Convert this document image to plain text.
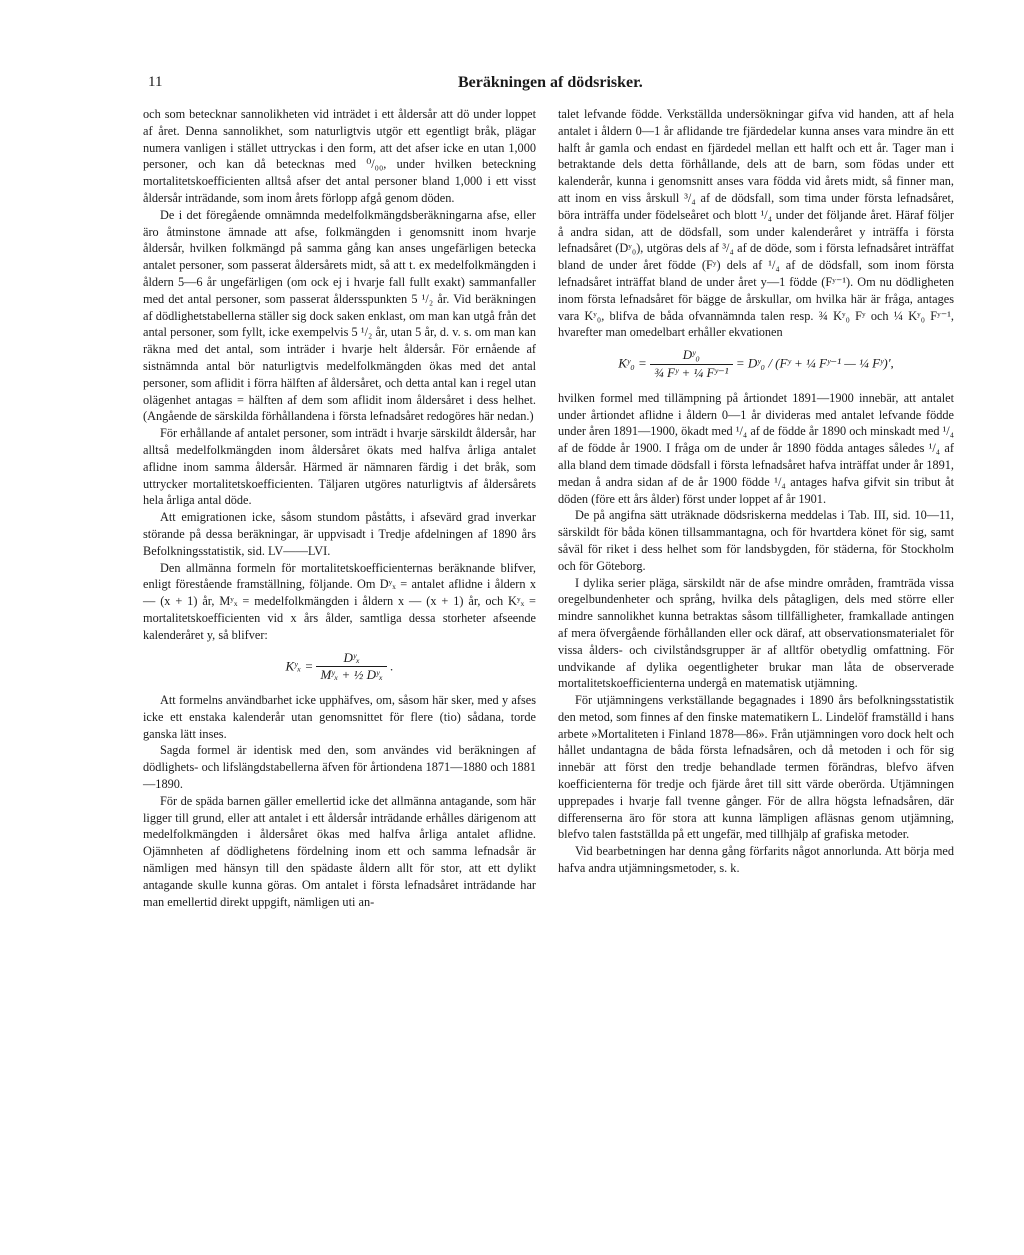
11	Beräkningen af dödsrisker.

och som betecknar sannolikheten vid inträdet i ett åldersår att dö under loppet af året. Denna sannolikhet, som naturligtvis utgör ett egentligt bråk, plägar numera vanligen i stället uttryckas i den form, att det afser icke en utan 1,000 personer, och kan då betecknas med ⁰/₀₀, under hvilken beteckning mortalitetskoefficienten alltså afser det antal personer bland 1,000 i ett visst åldersår inträdande, som inom årets förlopp afgå genom döden.

De i det föregående omnämnda medelfolkmängdsberäkningarna afse, eller äro åtminstone ämnade att afse, folkmängden i genomsnitt inom hvarje åldersår, hvilken folkmängd på samma gång kan anses ungefärligen betecka antalet personer, som passerat åldersårets midt, så att t. ex medelfolkmängden i åldern 5—6 år ungefärligen (om ock ej i hvarje fall fullt exakt) sammanfaller med det antal personer, som passerat åldersspunkten 5 ¹/₂ år. Vid beräkningen af dödlighetstabellerna ställer sig dock saken enklast, om man kan utgå från det antal personer, som fyllt, icke exempelvis 5 ¹/₂ år, utan 5 år, d. v. s. om man kan räkna med det antal, som inträder i hvarje helt åldersår. För ernående af sistnämnda antal bör naturligtvis medelfolkmängden ökas med det antal personer, som aflidit i förra hälften af åldersåret, och detta antal kan i regel utan olägenhet antagas = hälften af dem som aflidit inom åldersåret i dess helhet. (Angående de särskilda förhållandena i första lefnadsåret redogöres här nedan.)

För erhållande af antalet personer, som inträdt i hvarje särskildt åldersår, har alltså medelfolkmängden inom åldersåret ökats med halfva årliga antalet aflidne inom samma åldersår. Härmed är nämnaren färdig i det bråk, som uttrycker mortalitetskoefficienten. Täljaren utgöres naturligtvis af åldersårets hela årliga antal döde.

Att emigrationen icke, såsom stundom påståtts, i afsevärd grad inverkar störande på dessa beräkningar, är uppvisadt i Tredje afdelningen af 1890 års Befolkningsstatistik, sid. LV——LVI.

Den allmänna formeln för mortalitetskoefficienternas beräknande blifver, enligt förestående framställning, följande. Om Dʸₓ = antalet aflidne i åldern x — (x + 1) år, Mʸₓ = medelfolkmängden i åldern x — (x + 1) år, och Kʸₓ = mortalitetskoefficienten vid x års ålder, samtliga dessa storheter afseende kalenderåret y, så blifver:

Kʸₓ = $\frac{\text{Dʸₓ}}{\text{Mʸₓ + ½ Dʸₓ}}$ .

Att formelns användbarhet icke upphäfves, om, såsom här sker, med y afses icke ett enstaka kalenderår utan genomsnittet för flere (tio) sådana, torde ganska lätt inses.

Sagda formel är identisk med den, som användes vid beräkningen af dödlighets- och lifslängdstabellerna äfven för årtiondena 1871—1880 och 1881—1890.

För de späda barnen gäller emellertid icke det allmänna antagande, som här ligger till grund, eller att antalet i ett åldersår inträdande erhålles därigenom att medelfolkmängden i åldersåret ökas med halfva årliga antalet aflidne. Ojämnheten af dödlighetens fördelning inom ett och samma lefnadsår är nämligen med hänsyn till den spädaste åldern allt för stor, att ett dylikt antagande skulle kunna göras. Om antalet i första lefnadsåret inträdande har man emellertid direkt uppgift, nämligen uti an-

talet lefvande födde. Verkställda undersökningar gifva vid handen, att af hela antalet i åldern 0—1 år aflidande tre fjärdedelar kunna anses vara mindre än ett halft år gamla och endast en fjärdedel mellan ett halft och ett år. Tager man i betraktande dels detta förhållande, dels att de barn, som födas under ett kalenderår, kunna i genomsnitt anses vara födda vid årets midt, så finner man, att inom en viss årskull ³/₄ af de dödsfall, som tima under första lefnadsåret, böra inträffa under födelseåret och blott ¹/₄ under det följande året. Häraf följer å andra sidan, att de dödsfall, som under kalenderåret y inträffa i första lefnadsåret (Dʸ₀), utgöras dels af ³/₄ af de döde, som i första lefnadsåret inträffat bland de under året födde (Fʸ) dels af ¹/₄ af de dödsfall, som inom första lefnadsåret inträffat bland de under året y—1 födde (Fʸ⁻¹). Om nu dödligheten inom första lefnadsåret för bägge de årskullar, om hvilka här är fråga, antages vara Kʸ₀, blifva de båda ofvannämnda talen resp. ¾ Kʸ₀ Fʸ och ¼ Kʸ₀ Fʸ⁻¹, hvarefter man omedelbart erhåller ekvationen

Kʸ₀ = $\frac{\text{Dʸ₀}}{\text{¾ Fʸ + ¼ Fʸ⁻¹}}$ = Dʸ₀ / (Fʸ + ¼ Fʸ⁻¹ — ¼ Fʸ)',

hvilken formel med tillämpning på årtiondet 1891—1900 innebär, att antalet under årtiondet aflidne i åldern 0—1 år divideras med antalet lefvande födde under åren 1891—1900, ökadt med ¹/₄ af de födde år 1890 och minskadt med ¹/₄ af de födde år 1900. I fråga om de under år 1890 födda antages således ¹/₄ af alla bland dem timade dödsfall i första lefnadsåret hafva inträffat under år 1891, medan å andra sidan af de år 1900 födde ¹/₄ antages hafva gifvit sin tribut åt döden (före ett års ålder) först under loppet af år 1901.

De på angifna sätt uträknade dödsriskerna meddelas i Tab. III, sid. 10—11, särskildt för båda könen tillsammantagna, och för hvartdera könet för sig, samt såväl för riket i dess helhet som för landsbygden, för städerna, för Stockholm och för Göteborg.

I dylika serier pläga, särskildt när de afse mindre områden, framträda vissa oregelbundenheter och språng, hvilka dels påtagligen, dels med större eller mindre sannolikhet kunna betraktas såsom tillfälligheter, framkallade antingen af mera öfvergående förhållanden eller ock däraf, att observationsmaterialet för vissa ålders- och civilståndsgrupper är af alltför obetydlig omfattning. För undvikande af dylika oegentligheter brukar man låta de observerade mortalitetskoefficienterna undergå en matematisk utjämning.

För utjämningens verkställande begagnades i 1890 års befolkningsstatistik den metod, som finnes af den finske matematikern L. Lindelöf framställd i hans arbete »Mortaliteten i Finland 1878—86». Från utjämningen voro dock helt och hållet undantagna de båda första lefnadsåren, och då metoden i och för sig innebär att först den tredje behandlade termen förändras, blefvo äfven koefficienterna för tredje och fjärde året till sitt värde oberörda. Utjämningen upprepades i hvarje fall tvenne gånger. För de allra högsta lefnadsåren, där differenserna äro för stora att kunna lämpligen afläsnas genom utjämning, blefvo talen fastställda på ett ungefär, med tillhjälp af grafiska metoder.

Vid bearbetningen har denna gång förfarits något annorlunda. Att börja med hafva andra utjämningsmetoder, s. k.
